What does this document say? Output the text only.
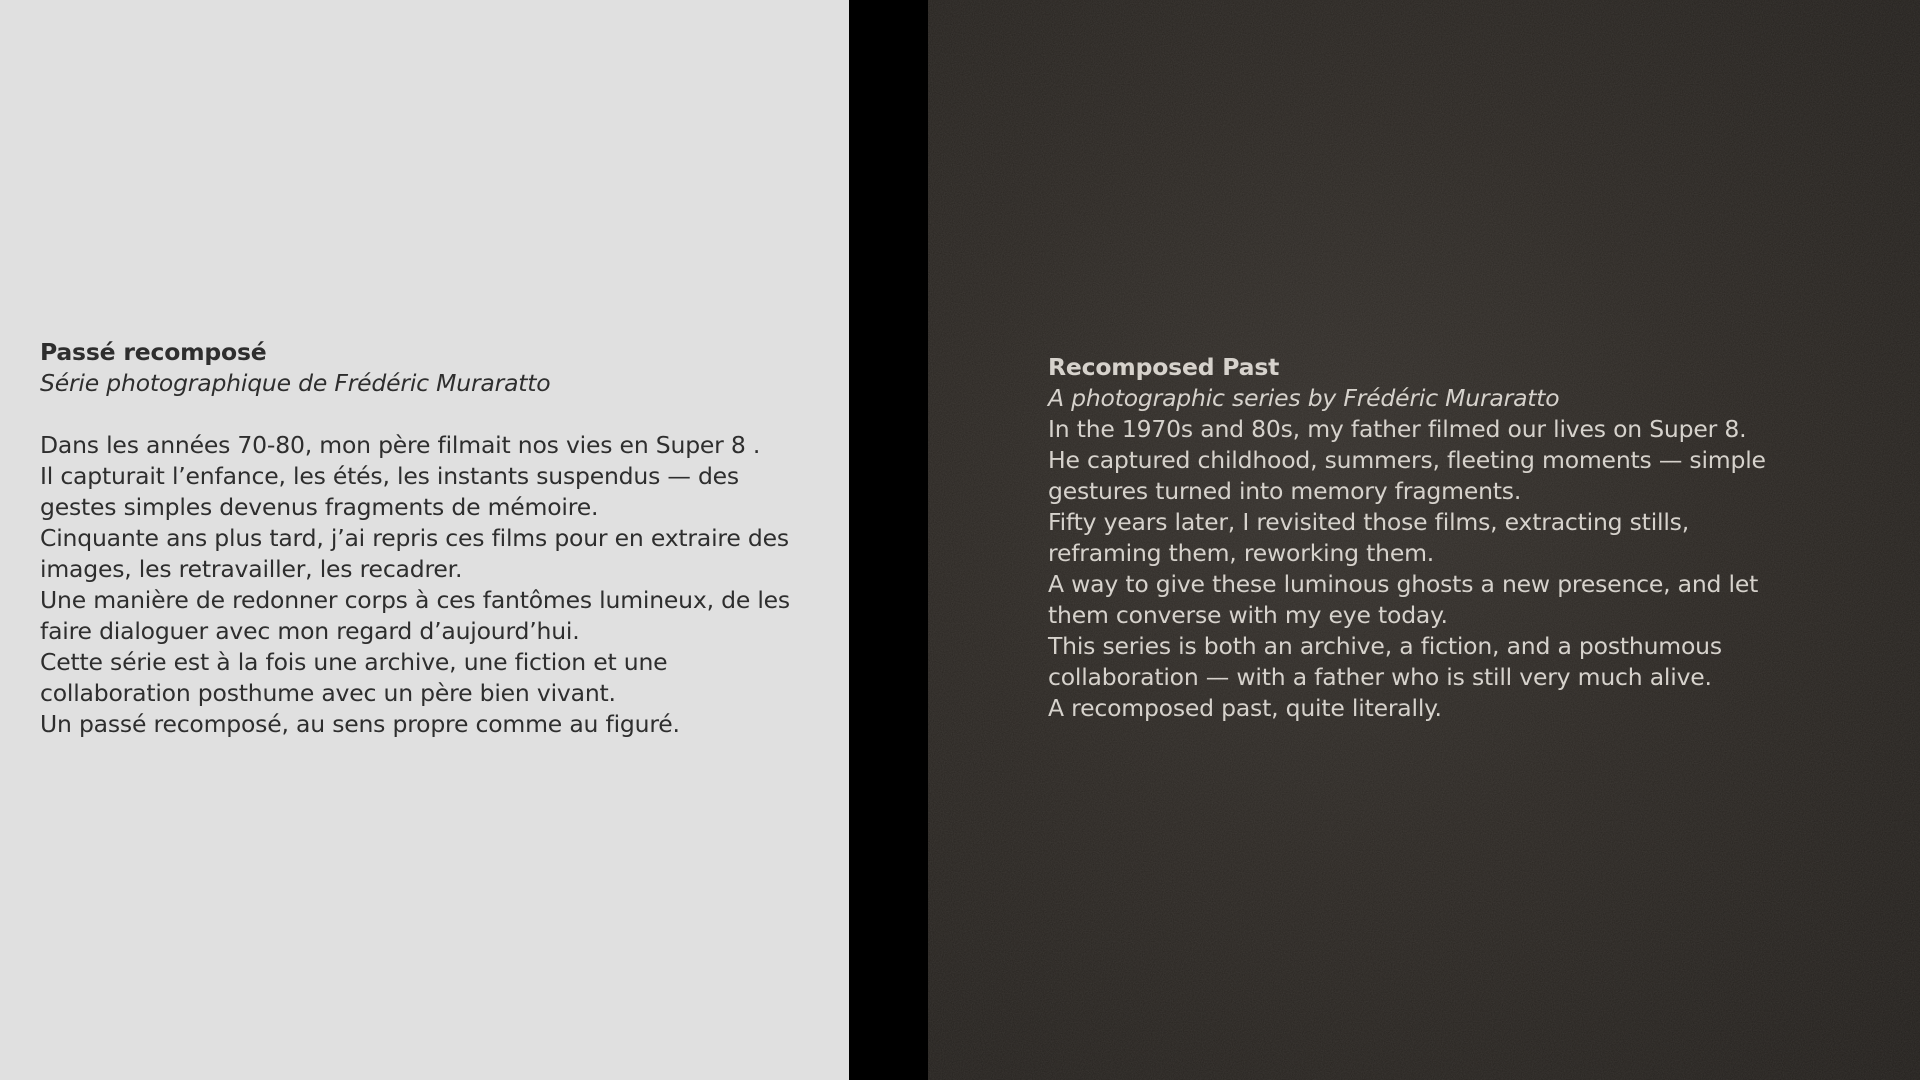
Passé recomposé

Série photographique de Frédéric Muraratto

Dans les années 70-80, mon père filmait nos vies en Super 8 .

Il capturait l’enfance, les étés, les instants suspendus — des gestes simples devenus fragments de mémoire.

Cinquante ans plus tard, j’ai repris ces films pour en extraire des images, les retravailler, les recadrer.

Une manière de redonner corps à ces fantômes lumineux, de les faire dialoguer avec mon regard d’aujourd’hui.

Cette série est à la fois une archive, une fiction et une collaboration posthume avec un père bien vivant.

Un passé recomposé, au sens propre comme au figuré.

Recomposed Past

A photographic series by Frédéric Muraratto

In the 1970s and 80s, my father filmed our lives on Super 8.

He captured childhood, summers, fleeting moments — simple gestures turned into memory fragments.

Fifty years later, I revisited those films, extracting stills, reframing them, reworking them.

A way to give these luminous ghosts a new presence, and let them converse with my eye today.

This series is both an archive, a fiction, and a posthumous collaboration — with a father who is still very much alive.

A recomposed past, quite literally.
